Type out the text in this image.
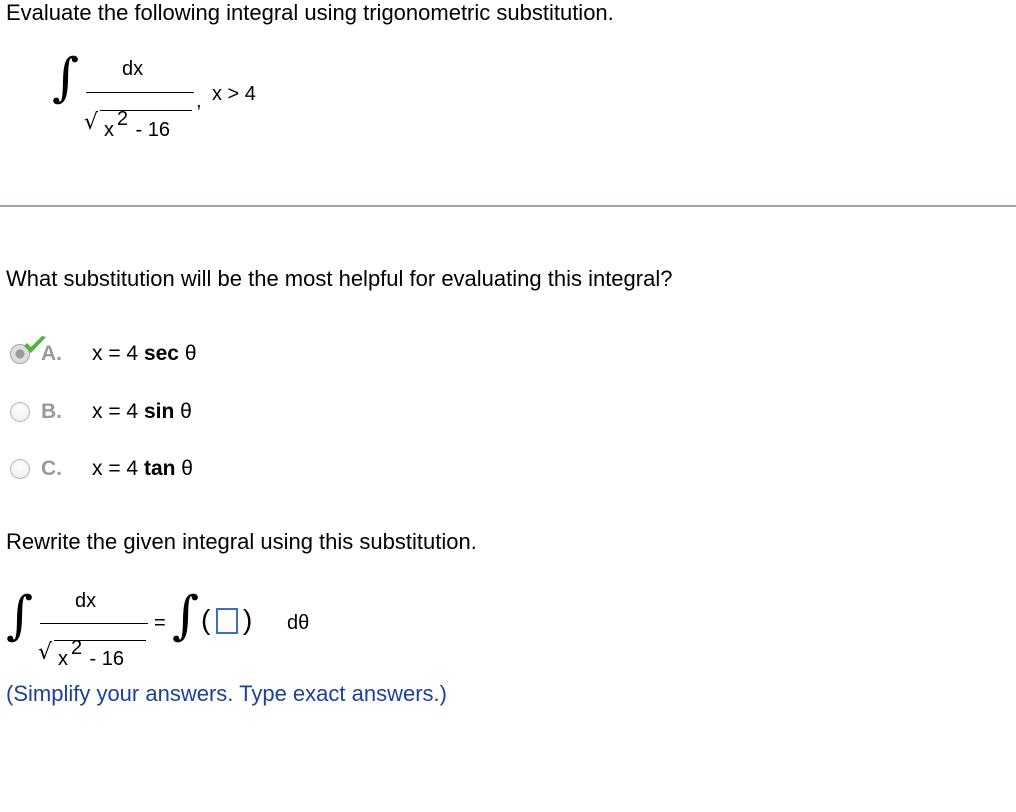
Evaluate the following integral using trigonometric substitution.
∫ dx
√ x 2 - 16
, x > 4
What substitution will be the most helpful for evaluating this integral?
A. x = 4 sec θ
B. x = 4 sin θ
C. x = 4 tan θ
Rewrite the given integral using this substitution.
∫ dx
√ x 2 - 16
= ∫ ( ) dθ
(Simplify your answers. Type exact answers.)
